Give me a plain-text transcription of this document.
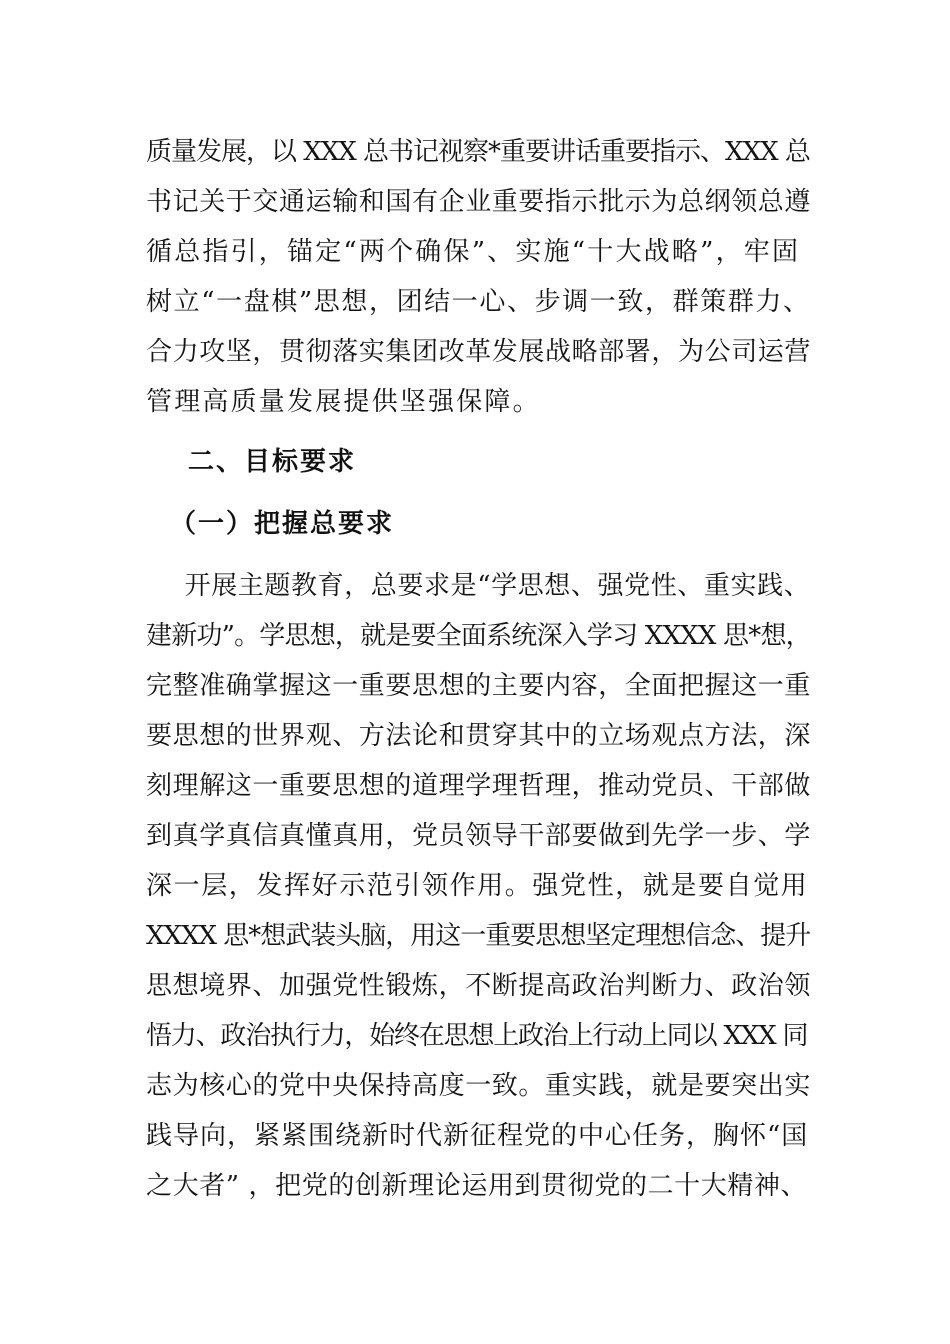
质量发展，以 XXX 总书记视察*重要讲话重要指示、XXX 总
书记关于交通运输和国有企业重要指示批示为总纲领总遵
循总指引，锚定“两个确保”、实施“十大战略”，牢固
树立“一盘棋”思想，团结一心、步调一致，群策群力、
合力攻坚，贯彻落实集团改革发展战略部署，为公司运营
管理高质量发展提供坚强保障。
二、目标要求
（一）把握总要求
　开展主题教育，总要求是“学思想、强党性、重实践、
建新功”。学思想，就是要全面系统深入学习 XXXX 思*想，
完整准确掌握这一重要思想的主要内容，全面把握这一重
要思想的世界观、方法论和贯穿其中的立场观点方法，深
刻理解这一重要思想的道理学理哲理，推动党员、干部做
到真学真信真懂真用，党员领导干部要做到先学一步、学
深一层，发挥好示范引领作用。强党性，就是要自觉用
XXXX 思*想武装头脑，用这一重要思想坚定理想信念、提升
思想境界、加强党性锻炼，不断提高政治判断力、政治领
悟力、政治执行力，始终在思想上政治上行动上同以 XXX 同
志为核心的党中央保持高度一致。重实践，就是要突出实
践导向，紧紧围绕新时代新征程党的中心任务，胸怀“国
之大者” ，把党的创新理论运用到贯彻党的二十大精神、
